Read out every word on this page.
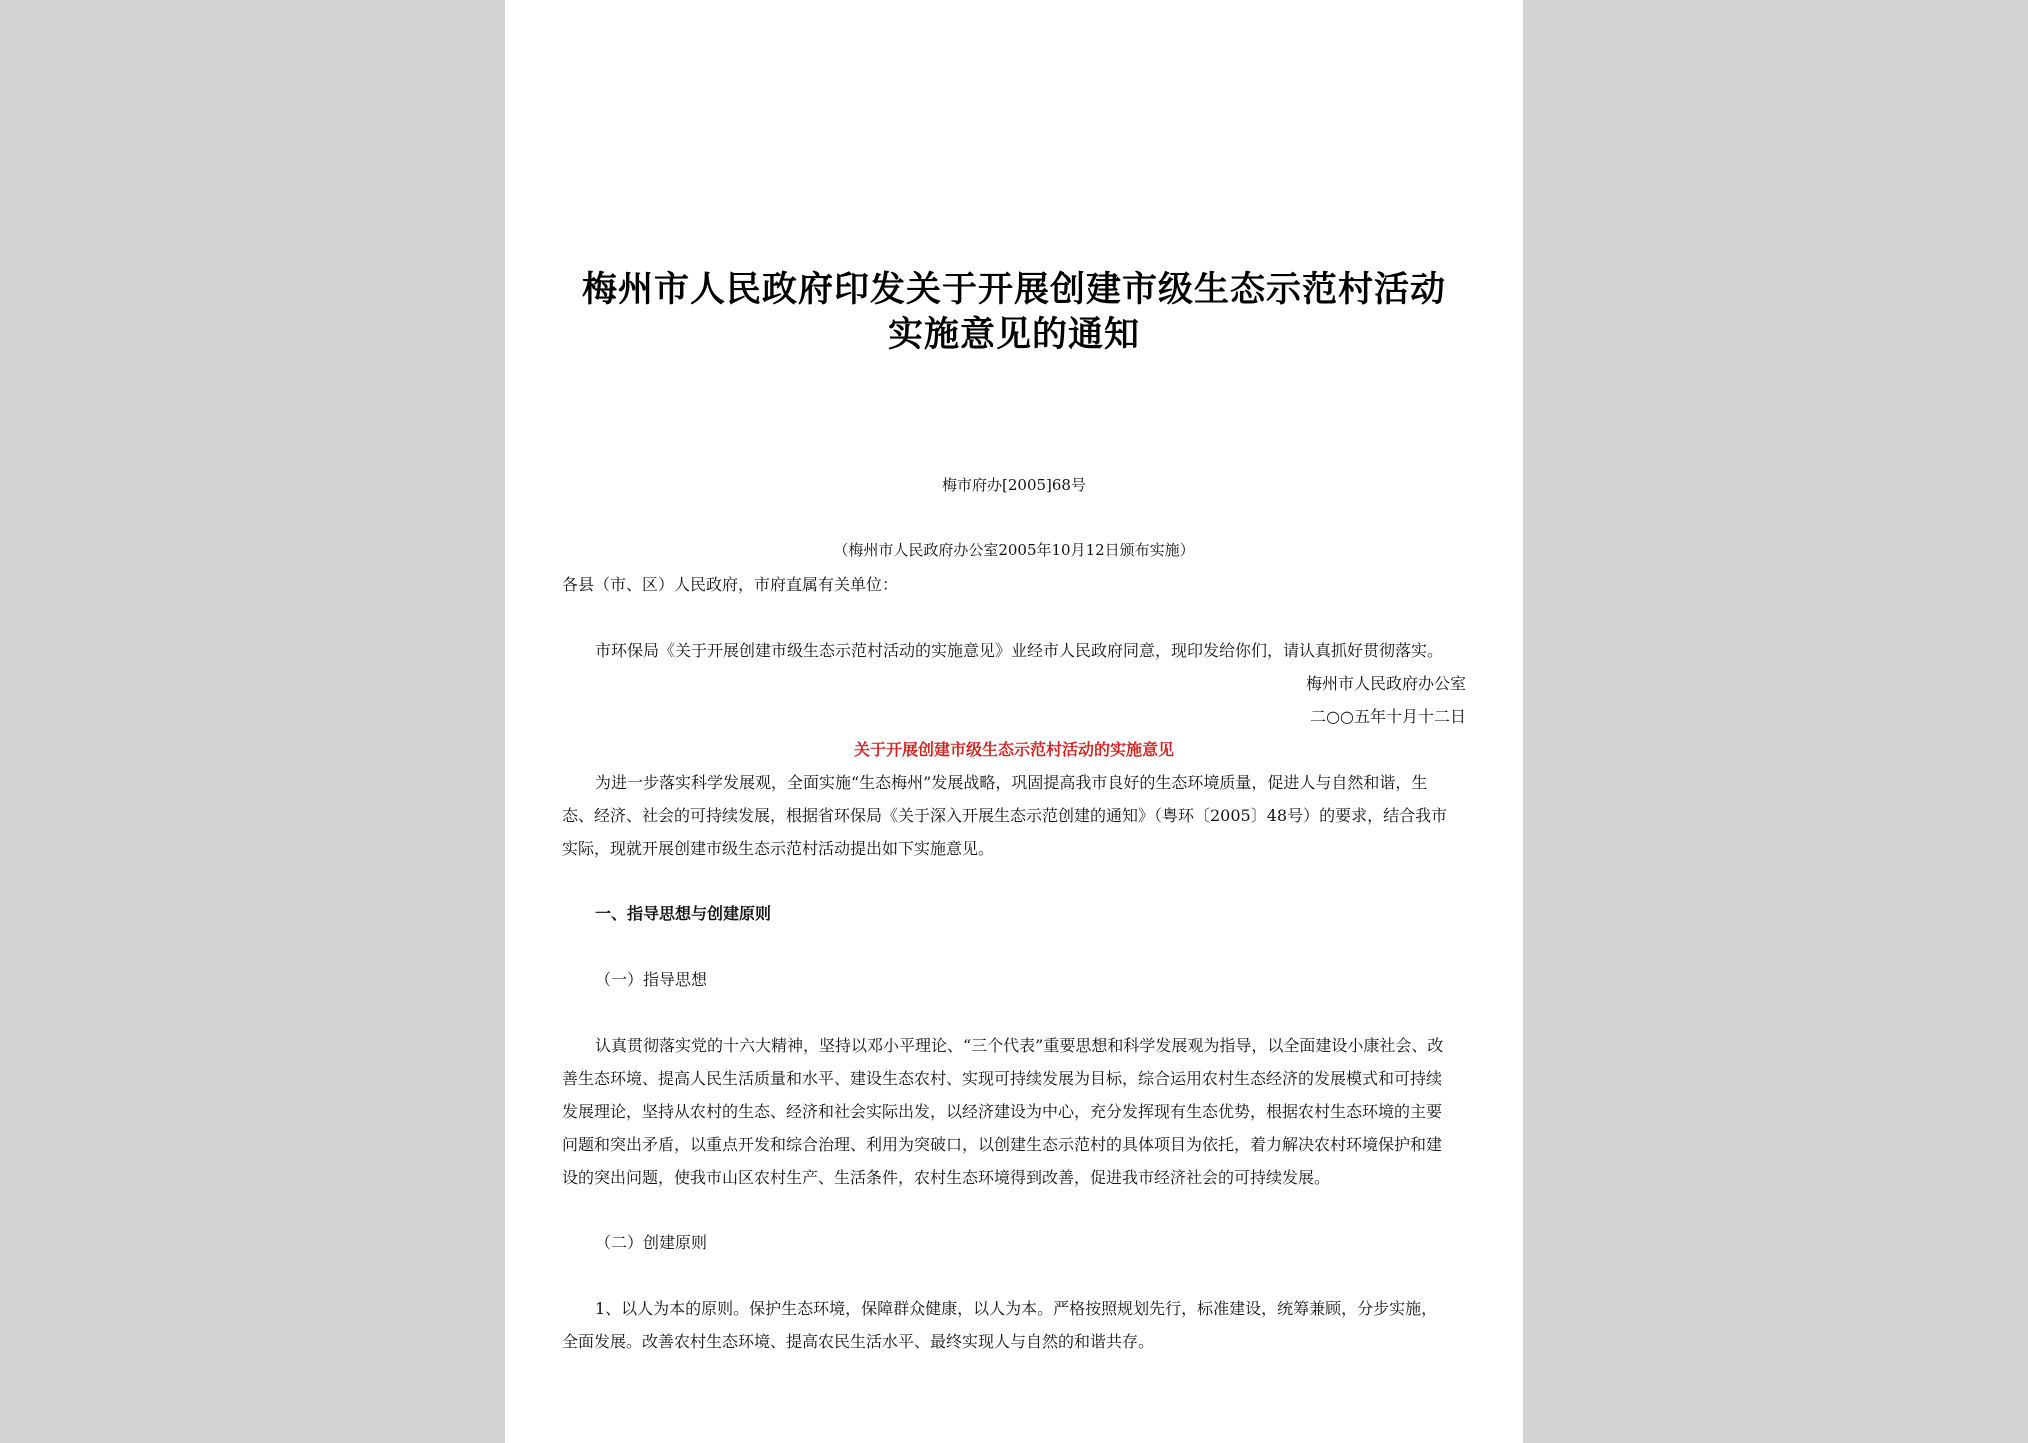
梅州市人民政府印发关于开展创建市级生态示范村活动
实施意见的通知
梅市府办[2005]68号
（梅州市人民政府办公室2005年10月12日颁布实施）
各县（市、区）人民政府，市府直属有关单位：
市环保局《关于开展创建市级生态示范村活动的实施意见》业经市人民政府同意，现印发给你们，请认真抓好贯彻落实。
梅州市人民政府办公室
二○○五年十月十二日
关于开展创建市级生态示范村活动的实施意见
为进一步落实科学发展观，全面实施“生态梅州”发展战略，巩固提高我市良好的生态环境质量，促进人与自然和谐，生
态、经济、社会的可持续发展，根据省环保局《关于深入开展生态示范创建的通知》（粤环〔2005〕48号）的要求，结合我市
实际，现就开展创建市级生态示范村活动提出如下实施意见。
一、指导思想与创建原则
（一）指导思想
认真贯彻落实党的十六大精神，坚持以邓小平理论、“三个代表”重要思想和科学发展观为指导，以全面建设小康社会、改
善生态环境、提高人民生活质量和水平、建设生态农村、实现可持续发展为目标，综合运用农村生态经济的发展模式和可持续
发展理论，坚持从农村的生态、经济和社会实际出发，以经济建设为中心，充分发挥现有生态优势，根据农村生态环境的主要
问题和突出矛盾，以重点开发和综合治理、利用为突破口，以创建生态示范村的具体项目为依托，着力解决农村环境保护和建
设的突出问题，使我市山区农村生产、生活条件，农村生态环境得到改善，促进我市经济社会的可持续发展。
（二）创建原则
1、以人为本的原则。保护生态环境，保障群众健康，以人为本。严格按照规划先行，标准建设，统筹兼顾，分步实施，
全面发展。改善农村生态环境、提高农民生活水平、最终实现人与自然的和谐共存。
